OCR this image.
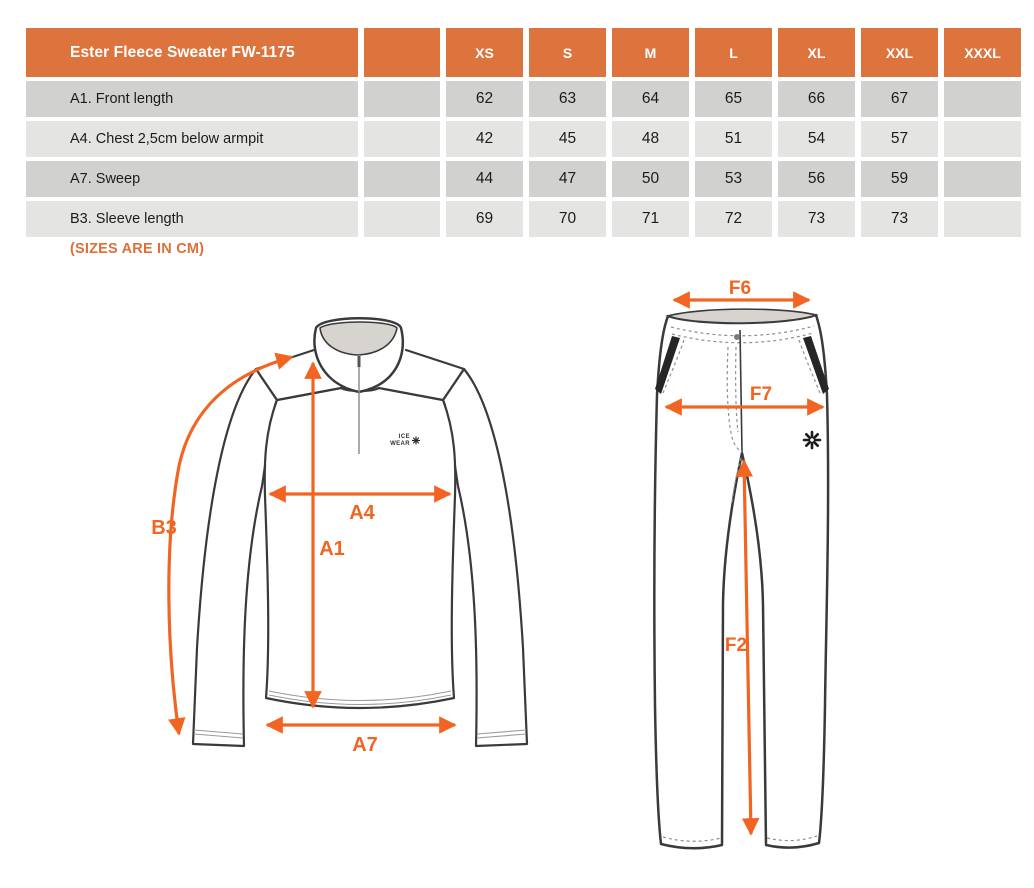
Ester Fleece Sweater FW-1175		XS	S	M	L	XL	XXL	XXXL
A1. Front length		62	63	64	65	66	67	
A4. Chest 2,5cm below armpit		42	45	48	51	54	57	
A7. Sweep		44	47	50	53	56	59	
B3. Sleeve length		69	70	71	72	73	73	
(SIZES ARE IN CM)
ICE
WEAR
B3
A1
A4
A7
F6
F7
F2
